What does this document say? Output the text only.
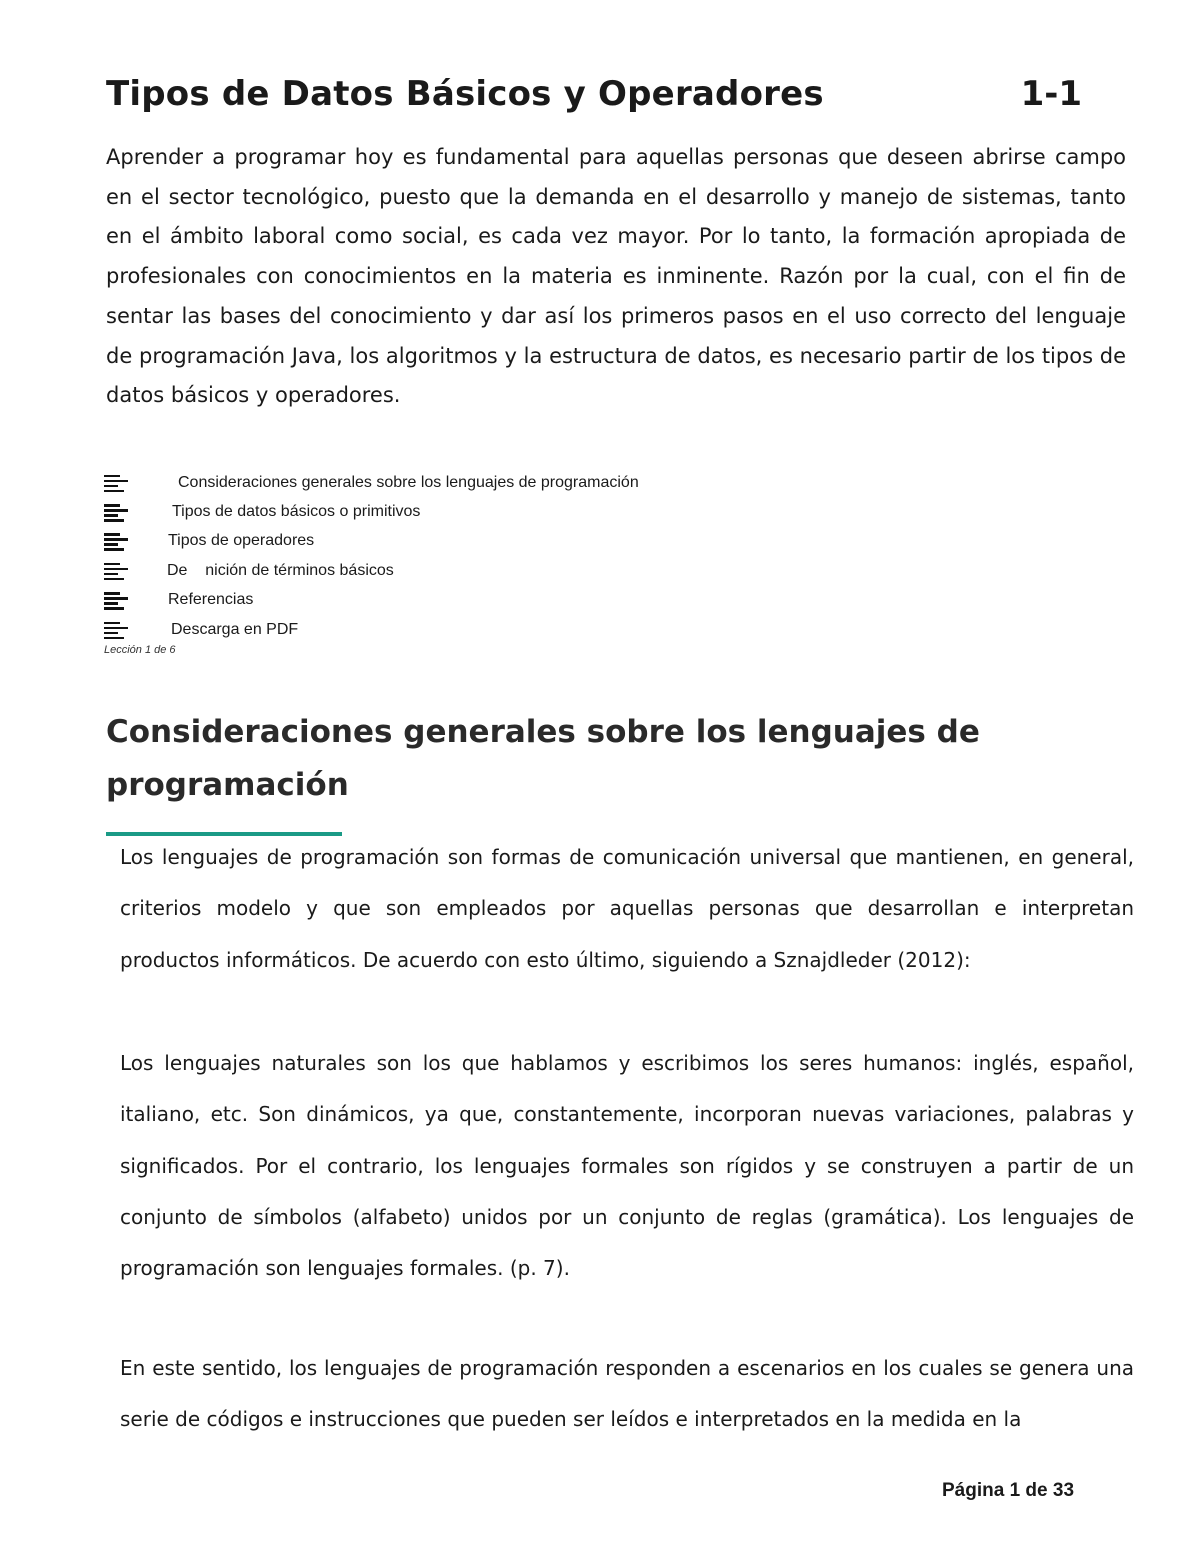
Tipos de Datos Básicos y Operadores	1-1

Aprender a programar hoy es fundamental para aquellas personas que deseen abrirse campo en el sector tecnológico, puesto que la demanda en el desarrollo y manejo de sistemas, tanto en el ámbito laboral como social, es cada vez mayor. Por lo tanto, la formación apropiada de profesionales con conocimientos en la materia es inminente. Razón por la cual, con el fin de sentar las bases del conocimiento y dar así los primeros pasos en el uso correcto del lenguaje de programación Java, los algoritmos y la estructura de datos, es necesario partir de los tipos de datos básicos y operadores.

Consideraciones generales sobre los lenguajes de programación
Tipos de datos básicos o primitivos
Tipos de operadores
De    nición de términos básicos
Referencias
Descarga en PDF
Lección 1 de 6
Consideraciones generales sobre los lenguajes de programación

Los lenguajes de programación son formas de comunicación universal que mantienen, en general, criterios modelo y que son empleados por aquellas personas que desarrollan e interpretan productos informáticos. De acuerdo con esto último, siguiendo a Sznajdleder (2012):

Los lenguajes naturales son los que hablamos y escribimos los seres humanos: inglés, español, italiano, etc. Son dinámicos, ya que, constantemente, incorporan nuevas variaciones, palabras y significados. Por el contrario, los lenguajes formales son rígidos y se construyen a partir de un conjunto de símbolos (alfabeto) unidos por un conjunto de reglas (gramática). Los lenguajes de programación son lenguajes formales. (p. 7).

En este sentido, los lenguajes de programación responden a escenarios en los cuales se genera una serie de códigos e instrucciones que pueden ser leídos e interpretados en la medida en la

Página 1 de 33
